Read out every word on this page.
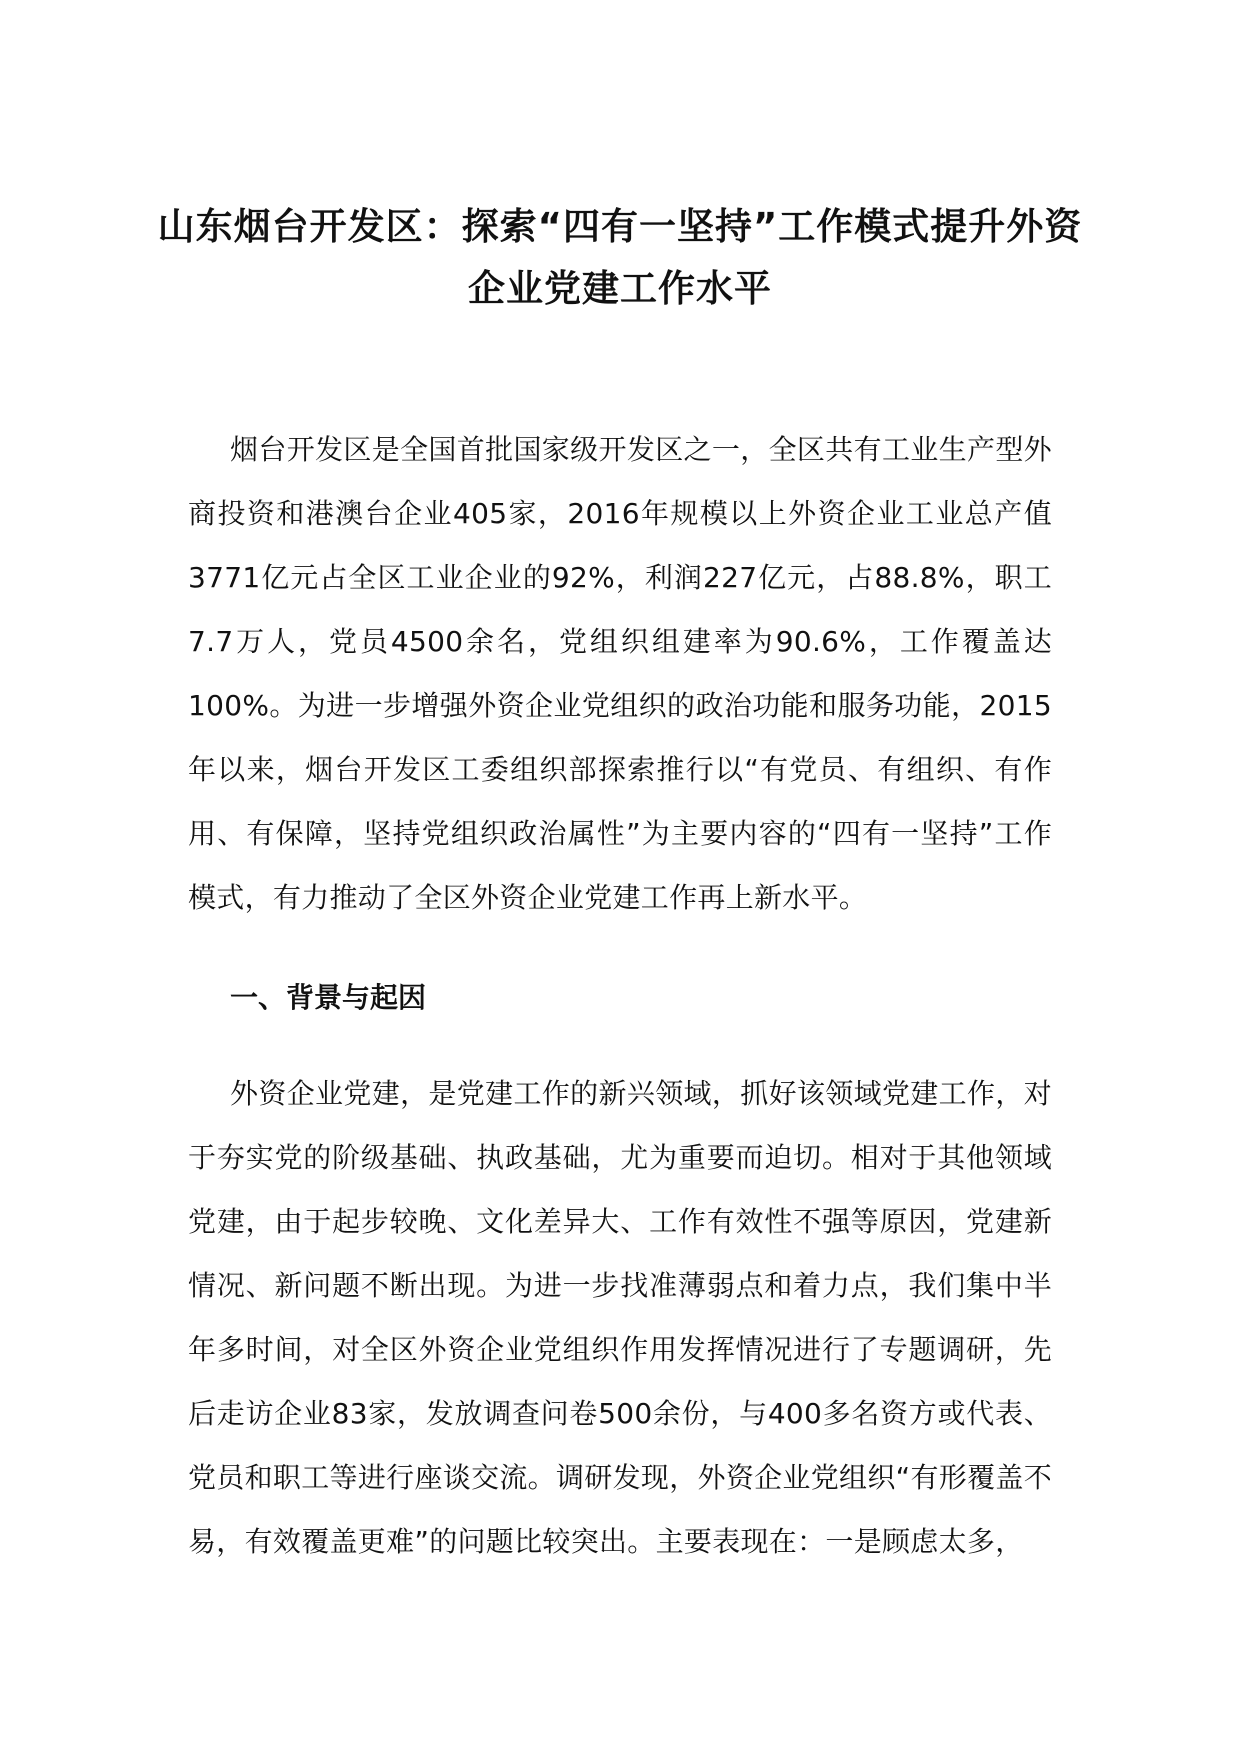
山东烟台开发区：探索“四有一坚持”工作模式提升外资企业党建工作水平
烟台开发区是全国首批国家级开发区之一，全区共有工业生产型外商投资和港澳台企业405家，2016年规模以上外资企业工业总产值3771亿元占全区工业企业的92%，利润227亿元，占88.8%，职工7.7万人，党员4500余名，党组织组建率为90.6%，工作覆盖达100%。为进一步增强外资企业党组织的政治功能和服务功能，2015年以来，烟台开发区工委组织部探索推行以“有党员、有组织、有作用、有保障，坚持党组织政治属性”为主要内容的“四有一坚持”工作模式，有力推动了全区外资企业党建工作再上新水平。
一、背景与起因
外资企业党建，是党建工作的新兴领域，抓好该领域党建工作，对于夯实党的阶级基础、执政基础，尤为重要而迫切。相对于其他领域党建，由于起步较晚、文化差异大、工作有效性不强等原因，党建新情况、新问题不断出现。为进一步找准薄弱点和着力点，我们集中半年多时间，对全区外资企业党组织作用发挥情况进行了专题调研，先后走访企业83家，发放调查问卷500余份，与400多名资方或代表、党员和职工等进行座谈交流。调研发现，外资企业党组织“有形覆盖不易，有效覆盖更难”的问题比较突出。主要表现在：一是顾虑太多，
